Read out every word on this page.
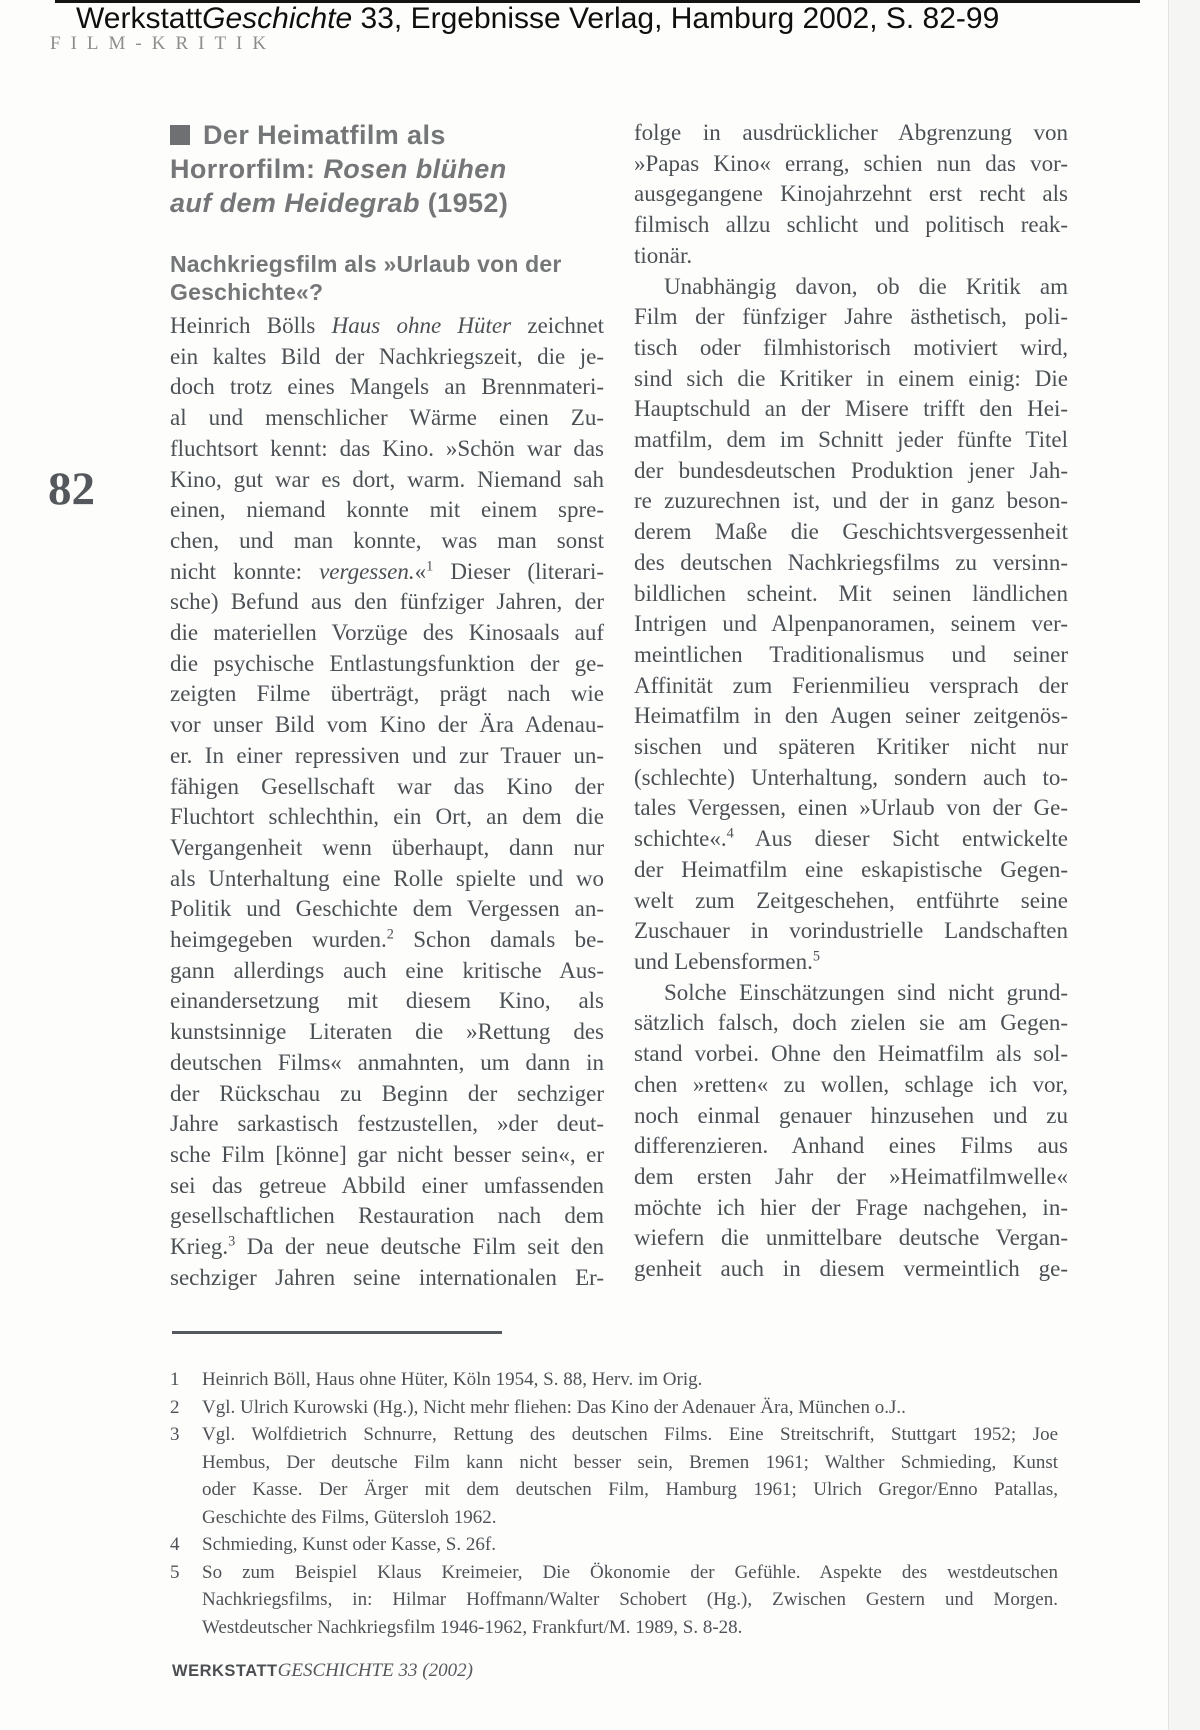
WerkstattGeschichte 33, Ergebnisse Verlag, Hamburg 2002, S. 82-99
FILM-KRITIK
82
Der Heimatfilm als
Horrorfilm: Rosen blühen
auf dem Heidegrab (1952)
Nachkriegsfilm als »Urlaub von der
Geschichte«?
Heinrich Bölls Haus ohne Hüter zeichnet
ein kaltes Bild der Nachkriegszeit, die je-
doch trotz eines Mangels an Brennmateri-
al und menschlicher Wärme einen Zu-
fluchtsort kennt: das Kino. »Schön war das
Kino, gut war es dort, warm. Niemand sah
einen, niemand konnte mit einem spre-
chen, und man konnte, was man sonst
nicht konnte: vergessen.«$^1$ Dieser (literari-
sche) Befund aus den fünfziger Jahren, der
die materiellen Vorzüge des Kinosaals auf
die psychische Entlastungsfunktion der ge-
zeigten Filme überträgt, prägt nach wie
vor unser Bild vom Kino der Ära Adenau-
er. In einer repressiven und zur Trauer un-
fähigen Gesellschaft war das Kino der
Fluchtort schlechthin, ein Ort, an dem die
Vergangenheit wenn überhaupt, dann nur
als Unterhaltung eine Rolle spielte und wo
Politik und Geschichte dem Vergessen an-
heimgegeben wurden.$^2$ Schon damals be-
gann allerdings auch eine kritische Aus-
einandersetzung mit diesem Kino, als
kunstsinnige Literaten die »Rettung des
deutschen Films« anmahnten, um dann in
der Rückschau zu Beginn der sechziger
Jahre sarkastisch festzustellen, »der deut-
sche Film [könne] gar nicht besser sein«, er
sei das getreue Abbild einer umfassenden
gesellschaftlichen Restauration nach dem
Krieg.$^3$ Da der neue deutsche Film seit den
sechziger Jahren seine internationalen Er-
folge in ausdrücklicher Abgrenzung von
»Papas Kino« errang, schien nun das vor-
ausgegangene Kinojahrzehnt erst recht als
filmisch allzu schlicht und politisch reak-
tionär.
Unabhängig davon, ob die Kritik am
Film der fünfziger Jahre ästhetisch, poli-
tisch oder filmhistorisch motiviert wird,
sind sich die Kritiker in einem einig: Die
Hauptschuld an der Misere trifft den Hei-
matfilm, dem im Schnitt jeder fünfte Titel
der bundesdeutschen Produktion jener Jah-
re zuzurechnen ist, und der in ganz beson-
derem Maße die Geschichtsvergessenheit
des deutschen Nachkriegsfilms zu versinn-
bildlichen scheint. Mit seinen ländlichen
Intrigen und Alpenpanoramen, seinem ver-
meintlichen Traditionalismus und seiner
Affinität zum Ferienmilieu versprach der
Heimatfilm in den Augen seiner zeitgenös-
sischen und späteren Kritiker nicht nur
(schlechte) Unterhaltung, sondern auch to-
tales Vergessen, einen »Urlaub von der Ge-
schichte«.$^4$ Aus dieser Sicht entwickelte
der Heimatfilm eine eskapistische Gegen-
welt zum Zeitgeschehen, entführte seine
Zuschauer in vorindustrielle Landschaften
und Lebensformen.$^5$
Solche Einschätzungen sind nicht grund-
sätzlich falsch, doch zielen sie am Gegen-
stand vorbei. Ohne den Heimatfilm als sol-
chen »retten« zu wollen, schlage ich vor,
noch einmal genauer hinzusehen und zu
differenzieren. Anhand eines Films aus
dem ersten Jahr der »Heimatfilmwelle«
möchte ich hier der Frage nachgehen, in-
wiefern die unmittelbare deutsche Vergan-
genheit auch in diesem vermeintlich ge-
1	Heinrich Böll, Haus ohne Hüter, Köln 1954, S. 88, Herv. im Orig.
2	Vgl. Ulrich Kurowski (Hg.), Nicht mehr fliehen: Das Kino der Adenauer Ära, München o.J..
3	Vgl. Wolfdietrich Schnurre, Rettung des deutschen Films. Eine Streitschrift, Stuttgart 1952; Joe
Hembus, Der deutsche Film kann nicht besser sein, Bremen 1961; Walther Schmieding, Kunst
oder Kasse. Der Ärger mit dem deutschen Film, Hamburg 1961; Ulrich Gregor/Enno Patallas,
Geschichte des Films, Gütersloh 1962.
4	Schmieding, Kunst oder Kasse, S. 26f.
5	So zum Beispiel Klaus Kreimeier, Die Ökonomie der Gefühle. Aspekte des westdeutschen
Nachkriegsfilms, in: Hilmar Hoffmann/Walter Schobert (Hg.), Zwischen Gestern und Morgen.
Westdeutscher Nachkriegsfilm 1946-1962, Frankfurt/M. 1989, S. 8-28.
WERKSTATTGESCHICHTE 33 (2002)
